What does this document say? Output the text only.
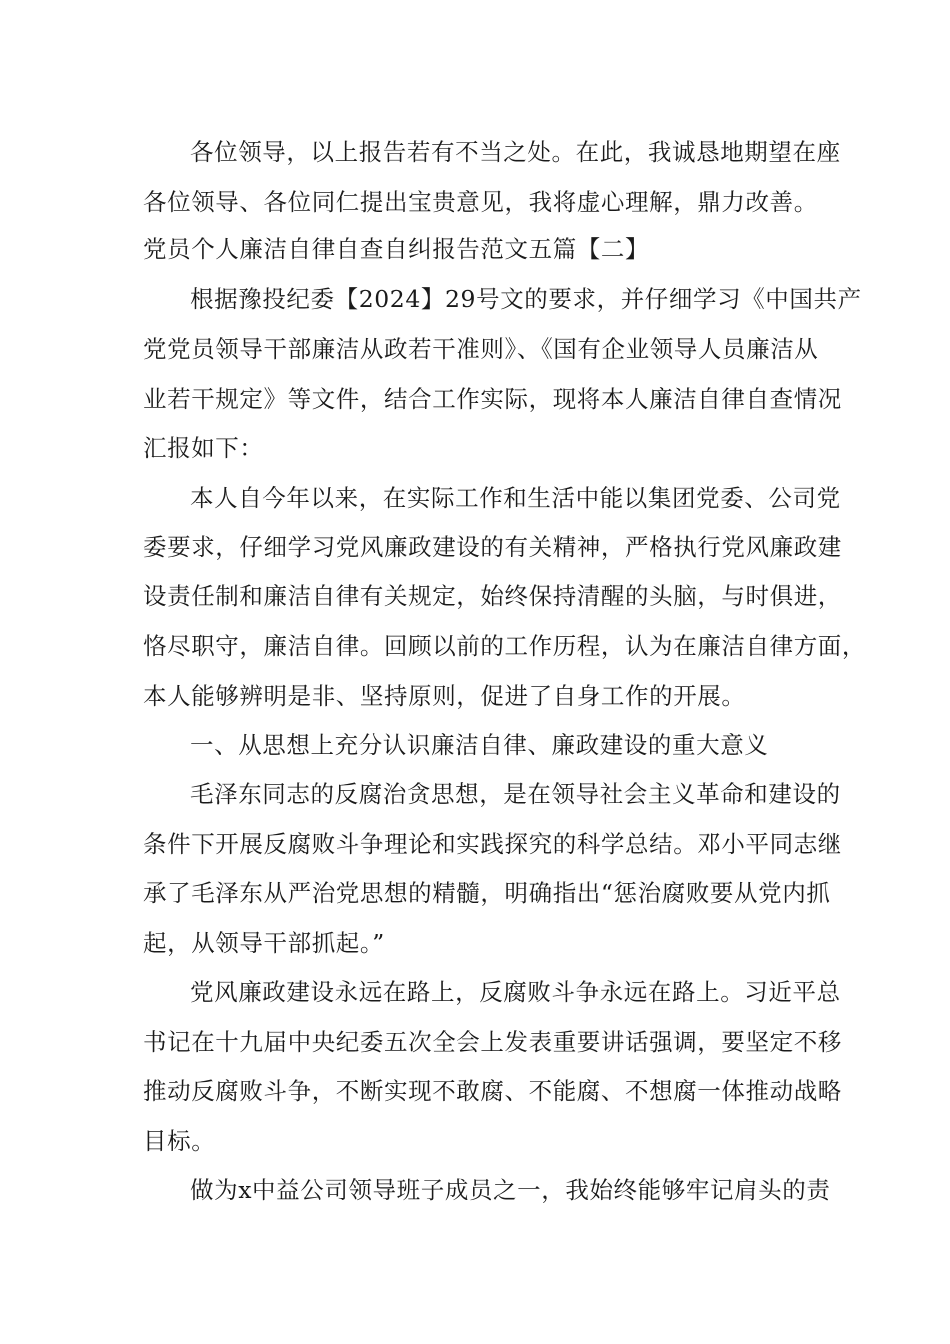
各位领导，以上报告若有不当之处。在此，我诚恳地期望在座
各位领导、各位同仁提出宝贵意见，我将虚心理解，鼎力改善。
党员个人廉洁自律自查自纠报告范文五篇【二】
根据豫投纪委【2024】29号文的要求，并仔细学习《中国共产
党党员领导干部廉洁从政若干准则》、《国有企业领导人员廉洁从
业若干规定》等文件，结合工作实际，现将本人廉洁自律自查情况
汇报如下：
本人自今年以来，在实际工作和生活中能以集团党委、公司党
委要求，仔细学习党风廉政建设的有关精神，严格执行党风廉政建
设责任制和廉洁自律有关规定，始终保持清醒的头脑，与时俱进，
恪尽职守，廉洁自律。回顾以前的工作历程，认为在廉洁自律方面，
本人能够辨明是非、坚持原则，促进了自身工作的开展。
一、从思想上充分认识廉洁自律、廉政建设的重大意义
毛泽东同志的反腐治贪思想，是在领导社会主义革命和建设的
条件下开展反腐败斗争理论和实践探究的科学总结。邓小平同志继
承了毛泽东从严治党思想的精髓，明确指出“惩治腐败要从党内抓
起，从领导干部抓起。”
党风廉政建设永远在路上，反腐败斗争永远在路上。习近平总
书记在十九届中央纪委五次全会上发表重要讲话强调，要坚定不移
推动反腐败斗争，不断实现不敢腐、不能腐、不想腐一体推动战略
目标。
做为x中益公司领导班子成员之一，我始终能够牢记肩头的责
